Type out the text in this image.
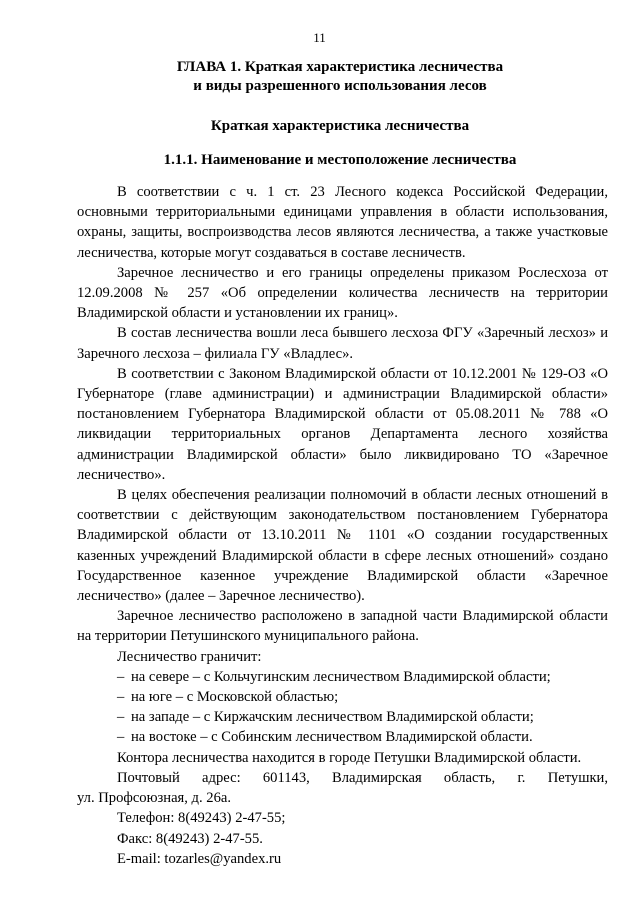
11
ГЛАВА 1. Краткая характеристика лесничества
и виды разрешенного использования лесов
Краткая характеристика лесничества
1.1.1. Наименование и местоположение лесничества

В соответствии с ч. 1 ст. 23 Лесного кодекса Российской Федерации, основными территориальными единицами управления в области использования, охраны, защиты, воспроизводства лесов являются лесничества, а также участковые лесничества, которые могут создаваться в составе лесничеств.

Заречное лесничество и его границы определены приказом Рослесхоза от 12.09.2008 № 257 «Об определении количества лесничеств на территории Владимирской области и установлении их границ».

В состав лесничества вошли леса бывшего лесхоза ФГУ «Заречный лесхоз» и Заречного лесхоза – филиала ГУ «Владлес».

В соответствии с Законом Владимирской области от 10.12.2001 № 129-ОЗ «О Губернаторе (главе администрации) и администрации Владимирской области» постановлением Губернатора Владимирской области от 05.08.2011 № 788 «О ликвидации территориальных органов Департамента лесного хозяйства администрации Владимирской области» было ликвидировано ТО «Заречное лесничество».

В целях обеспечения реализации полномочий в области лесных отношений в соответствии с действующим законодательством постановлением Губернатора Владимирской области от 13.10.2011 № 1101 «О создании государственных казенных учреждений Владимирской области в сфере лесных отношений» создано Государственное казенное учреждение Владимирской области «Заречное лесничество» (далее – Заречное лесничество).

Заречное лесничество расположено в западной части Владимирской области на территории Петушинского муниципального района.

Лесничество граничит:

– на севере – с Кольчугинским лесничеством Владимирской области;

– на юге – с Московской областью;

– на западе – с Киржачским лесничеством Владимирской области;

– на востоке – с Собинским лесничеством Владимирской области.

Контора лесничества находится в городе Петушки Владимирской области.

Почтовый адрес: 601143, Владимирская область, г. Петушки,

ул. Профсоюзная, д. 26а.

Телефон: 8(49243) 2-47-55;

Факс: 8(49243) 2-47-55.

E-mail: tozarles@yandex.ru
